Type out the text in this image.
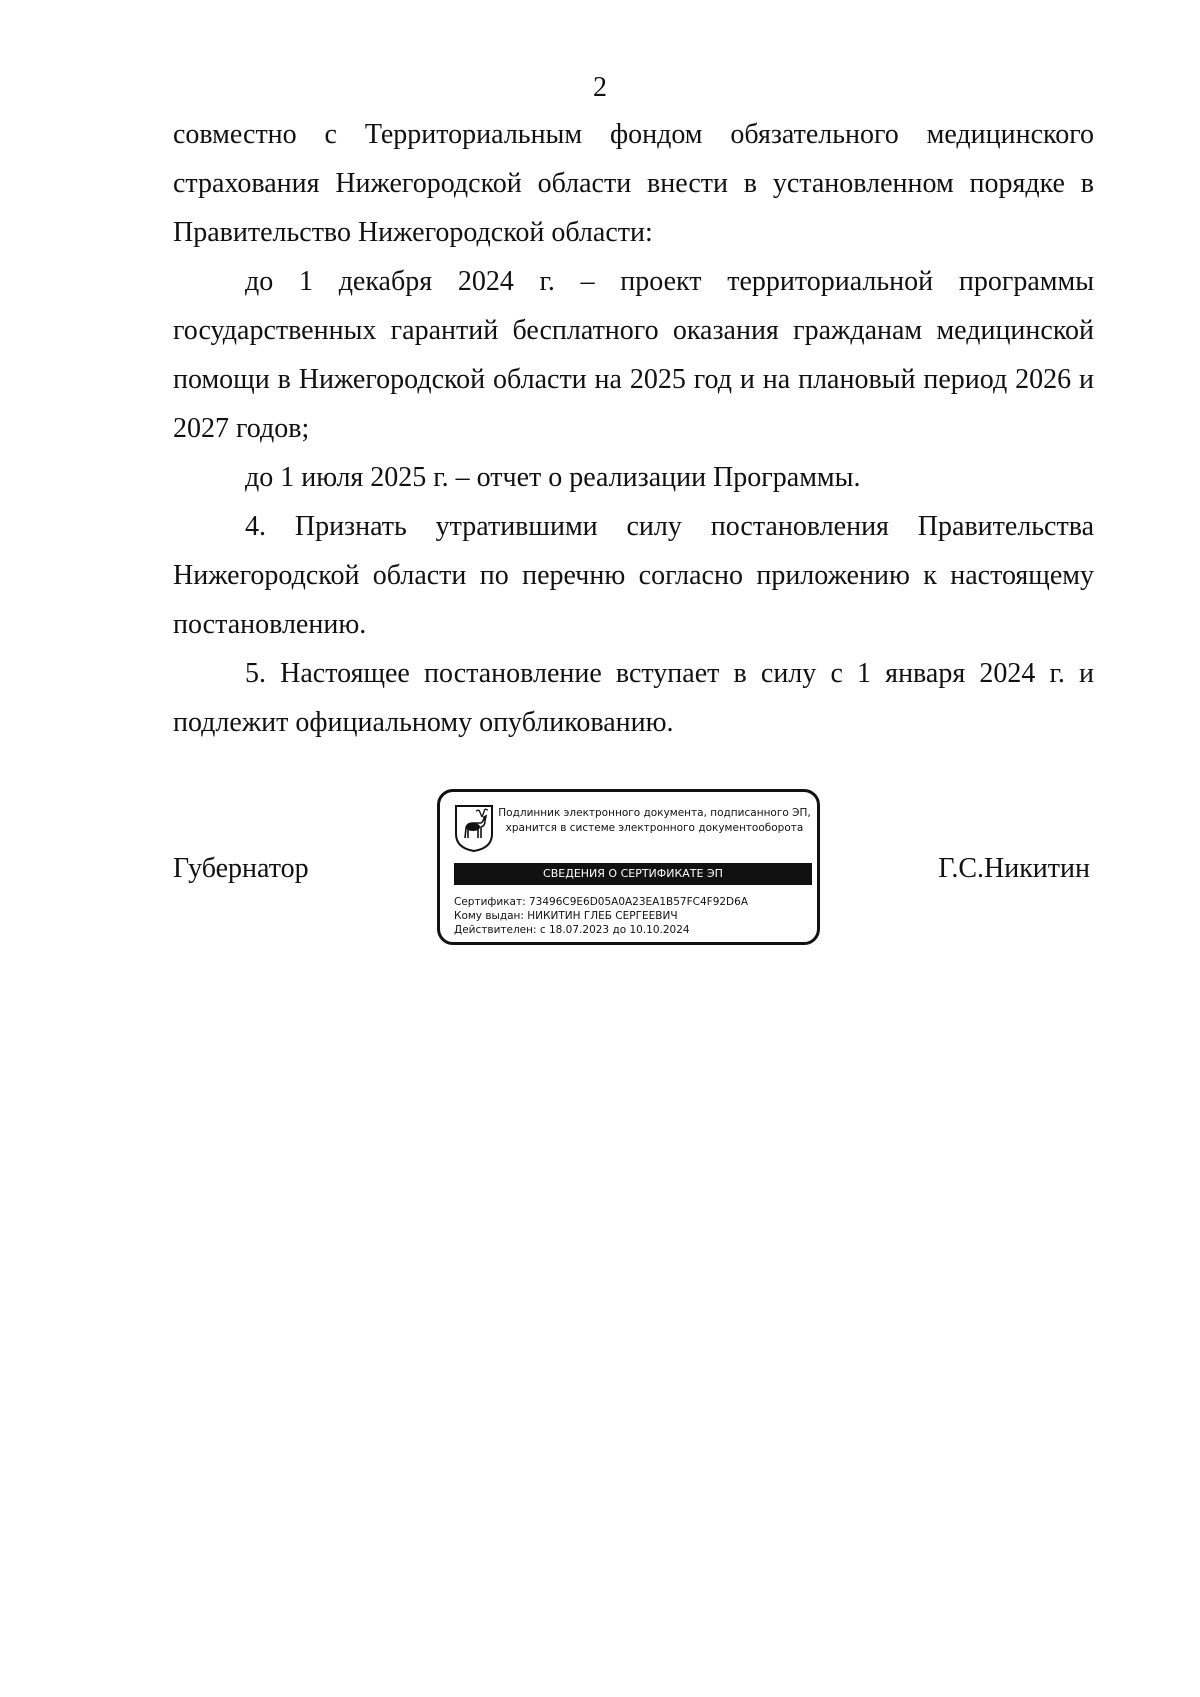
2

совместно с Территориальным фондом обязательного медицинского страхования Нижегородской области внести в установленном порядке в Правительство Нижегородской области:

до 1 декабря 2024 г. – проект территориальной программы государственных гарантий бесплатного оказания гражданам медицинской помощи в Нижегородской области на 2025 год и на плановый период 2026 и 2027 годов;

до 1 июля 2025 г. – отчет о реализации Программы.

4. Признать утратившими силу постановления Правительства Нижегородской области по перечню согласно приложению к настоящему постановлению.

5. Настоящее постановление вступает в силу с 1 января 2024 г. и подлежит официальному опубликованию.

Губернатор
Подлинник электронного документа, подписанного ЭП,
хранится в системе электронного документооборота
СВЕДЕНИЯ О СЕРТИФИКАТЕ ЭП
Сертификат: 73496C9E6D05A0A23EA1B57FC4F92D6A
Кому выдан: НИКИТИН ГЛЕБ СЕРГЕЕВИЧ
Действителен: с 18.07.2023 до 10.10.2024
Г.С.Никитин
